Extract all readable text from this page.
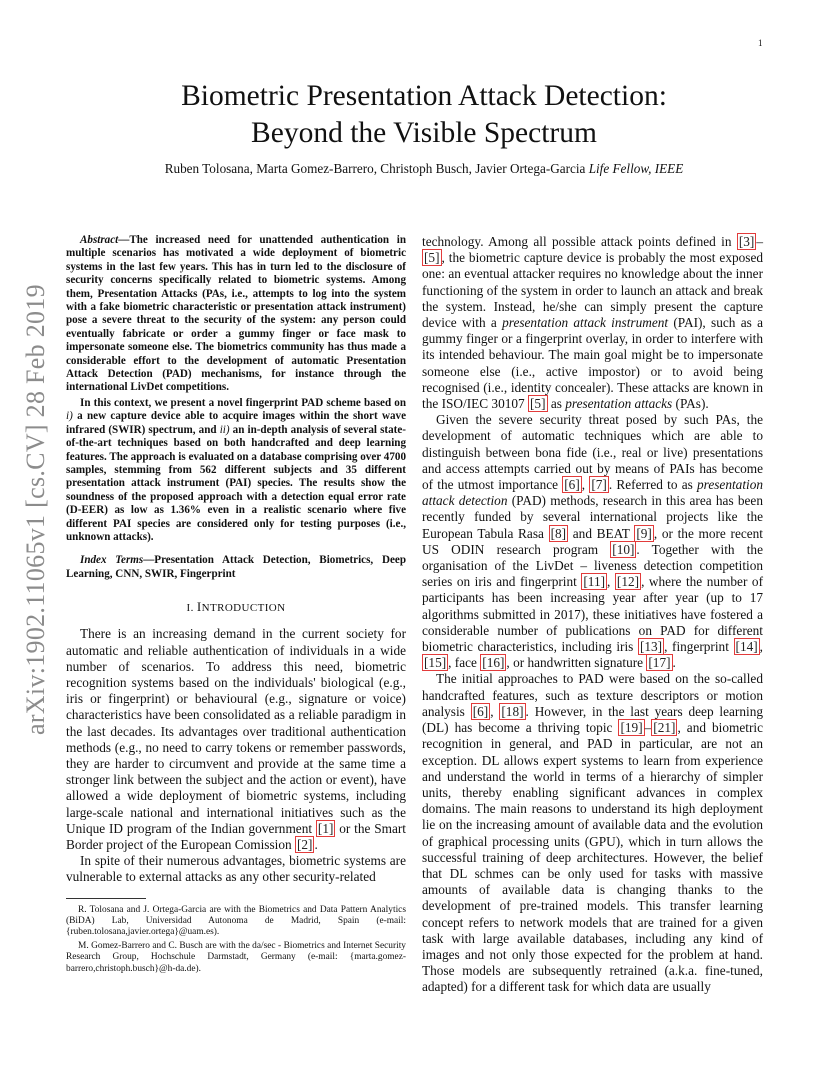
1
arXiv:1902.11065v1 [cs.CV] 28 Feb 2019
Biometric Presentation Attack Detection:
Beyond the Visible Spectrum
Ruben Tolosana, Marta Gomez-Barrero, Christoph Busch, Javier Ortega-Garcia Life Fellow, IEEE

Abstract—The increased need for unattended authentication in multiple scenarios has motivated a wide deployment of biometric systems in the last few years. This has in turn led to the disclosure of security concerns specifically related to biometric systems. Among them, Presentation Attacks (PAs, i.e., attempts to log into the system with a fake biometric characteristic or presentation attack instrument) pose a severe threat to the security of the system: any person could eventually fabricate or order a gummy finger or face mask to impersonate someone else. The biometrics community has thus made a considerable effort to the development of automatic Presentation Attack Detection (PAD) mechanisms, for instance through the international LivDet competitions.

In this context, we present a novel fingerprint PAD scheme based on i) a new capture device able to acquire images within the short wave infrared (SWIR) spectrum, and ii) an in-depth analysis of several state-of-the-art techniques based on both handcrafted and deep learning features. The approach is evaluated on a database comprising over 4700 samples, stemming from 562 different subjects and 35 different presentation attack instrument (PAI) species. The results show the soundness of the proposed approach with a detection equal error rate (D-EER) as low as 1.36% even in a realistic scenario where five different PAI species are considered only for testing purposes (i.e., unknown attacks).

Index Terms—Presentation Attack Detection, Biometrics, Deep Learning, CNN, SWIR, Fingerprint

I. INTRODUCTION

There is an increasing demand in the current society for automatic and reliable authentication of individuals in a wide number of scenarios. To address this need, biometric recognition systems based on the individuals' biological (e.g., iris or fingerprint) or behavioural (e.g., signature or voice) characteristics have been consolidated as a reliable paradigm in the last decades. Its advantages over traditional authentication methods (e.g., no need to carry tokens or remember passwords, they are harder to circumvent and provide at the same time a stronger link between the subject and the action or event), have allowed a wide deployment of biometric systems, including large-scale national and international initiatives such as the Unique ID program of the Indian government [1] or the Smart Border project of the European Comission [2] .

In spite of their numerous advantages, biometric systems are vulnerable to external attacks as any other security-related

R. Tolosana and J. Ortega-Garcia are with the Biometrics and Data Pattern Analytics (BiDA) Lab, Universidad Autonoma de Madrid, Spain (e-mail: {ruben.tolosana,javier.ortega}@uam.es).

M. Gomez-Barrero and C. Busch are with the da/sec - Biometrics and Internet Security Research Group, Hochschule Darmstadt, Germany (e-mail: {marta.gomez-barrero,christoph.busch}@h-da.de).

technology. Among all possible attack points defined in [3] –[5] , the biometric capture device is probably the most exposed one: an eventual attacker requires no knowledge about the inner functioning of the system in order to launch an attack and break the system. Instead, he/she can simply present the capture device with a presentation attack instrument (PAI), such as a gummy finger or a fingerprint overlay, in order to interfere with its intended behaviour. The main goal might be to impersonate someone else (i.e., active impostor) or to avoid being recognised (i.e., identity concealer). These attacks are known in the ISO/IEC 30107 [5] as presentation attacks (PAs).

Given the severe security threat posed by such PAs, the development of automatic techniques which are able to distinguish between bona fide (i.e., real or live) presentations and access attempts carried out by means of PAIs has become of the utmost importance [6] , [7] . Referred to as presentation attack detection (PAD) methods, research in this area has been recently funded by several international projects like the European Tabula Rasa [8] and BEAT [9] , or the more recent US ODIN research program [10] . Together with the organisation of the LivDet – liveness detection competition series on iris and fingerprint [11] , [12] , where the number of participants has been increasing year after year (up to 17 algorithms submitted in 2017), these initiatives have fostered a considerable number of publications on PAD for different biometric characteristics, including iris [13] , fingerprint [14] , [15] , face [16] , or handwritten signature [17] .

The initial approaches to PAD were based on the so-called handcrafted features, such as texture descriptors or motion analysis [6] , [18] . However, in the last years deep learning (DL) has become a thriving topic [19] – [21] , and biometric recognition in general, and PAD in particular, are not an exception. DL allows expert systems to learn from experience and understand the world in terms of a hierarchy of simpler units, thereby enabling significant advances in complex domains. The main reasons to understand its high deployment lie on the increasing amount of available data and the evolution of graphical processing units (GPU), which in turn allows the successful training of deep architectures. However, the belief that DL schmes can be only used for tasks with massive amounts of available data is changing thanks to the development of pre-trained models. This transfer learning concept refers to network models that are trained for a given task with large available databases, including any kind of images and not only those expected for the problem at hand. Those models are subsequently retrained (a.k.a. fine-tuned, adapted) for a different task for which data are usually
